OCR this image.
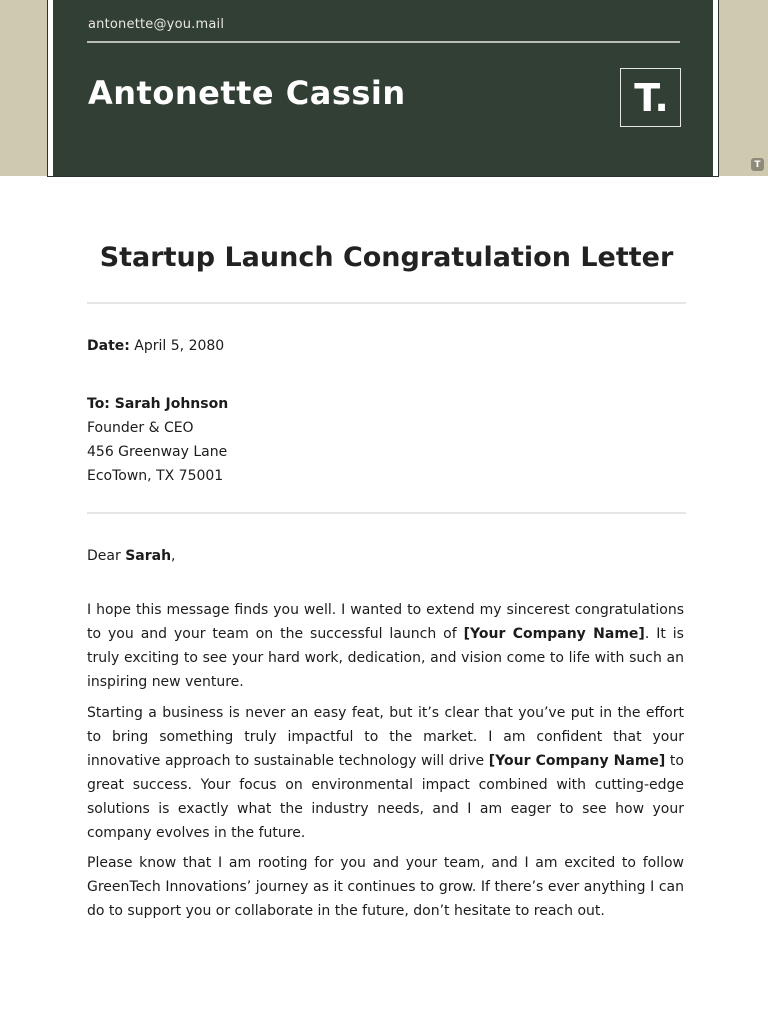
antonette@you.mail
Antonette Cassin	T.
T
Startup Launch Congratulation Letter
Date: April 5, 2080
To: Sarah Johnson
Founder & CEO
456 Greenway Lane
EcoTown, TX 75001
Dear Sarah,
I hope this message finds you well. I wanted to extend my sincerest congratulations to you and your team on the successful launch of [Your Company Name]. It is truly exciting to see your hard work, dedication, and vision come to life with such an inspiring new venture.
Starting a business is never an easy feat, but it’s clear that you’ve put in the effort to bring something truly impactful to the market. I am confident that your innovative approach to sustainable technology will drive [Your Company Name] to great success. Your focus on environmental impact combined with cutting-edge solutions is exactly what the industry needs, and I am eager to see how your company evolves in the future.
Please know that I am rooting for you and your team, and I am excited to follow GreenTech Innovations’ journey as it continues to grow. If there’s ever anything I can do to support you or collaborate in the future, don’t hesitate to reach out.
